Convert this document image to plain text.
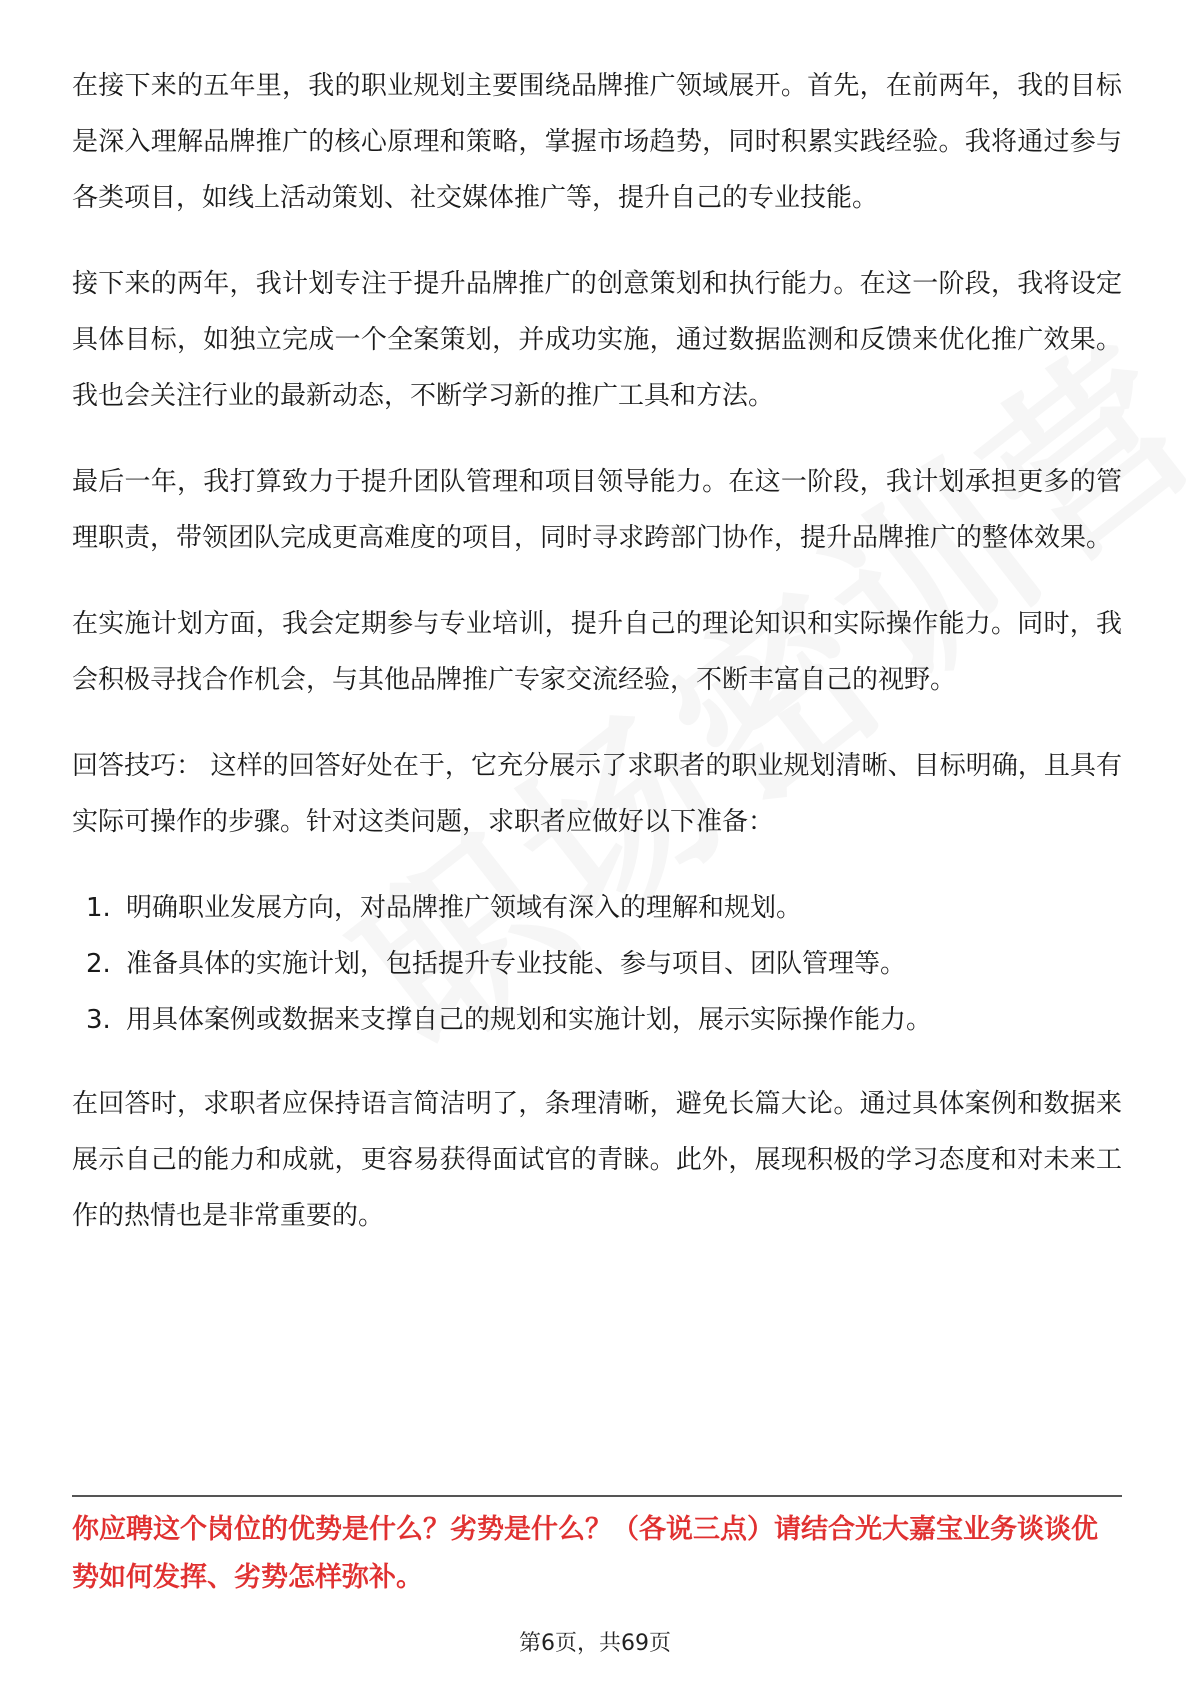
在接下来的五年里，我的职业规划主要围绕品牌推广领域展开。首先，在前两年，我的目标是深入理解品牌推广的核心原理和策略，掌握市场趋势，同时积累实践经验。我将通过参与各类项目，如线上活动策划、社交媒体推广等，提升自己的专业技能。

接下来的两年，我计划专注于提升品牌推广的创意策划和执行能力。在这一阶段，我将设定具体目标，如独立完成一个全案策划，并成功实施，通过数据监测和反馈来优化推广效果。我也会关注行业的最新动态，不断学习新的推广工具和方法。

最后一年，我打算致力于提升团队管理和项目领导能力。在这一阶段，我计划承担更多的管理职责，带领团队完成更高难度的项目，同时寻求跨部门协作，提升品牌推广的整体效果。

在实施计划方面，我会定期参与专业培训，提升自己的理论知识和实际操作能力。同时，我会积极寻找合作机会，与其他品牌推广专家交流经验，不断丰富自己的视野。

回答技巧： 这样的回答好处在于，它充分展示了求职者的职业规划清晰、目标明确，且具有实际可操作的步骤。针对这类问题，求职者应做好以下准备：

1. 明确职业发展方向，对品牌推广领域有深入的理解和规划。
2. 准备具体的实施计划，包括提升专业技能、参与项目、团队管理等。
3. 用具体案例或数据来支撑自己的规划和实施计划，展示实际操作能力。

在回答时，求职者应保持语言简洁明了，条理清晰，避免长篇大论。通过具体案例和数据来展示自己的能力和成就，更容易获得面试官的青睐。此外，展现积极的学习态度和对未来工作的热情也是非常重要的。

你应聘这个岗位的优势是什么？劣势是什么？（各说三点）请结合光大嘉宝业务谈谈优势如何发挥、劣势怎样弥补。
第6页，共69页
